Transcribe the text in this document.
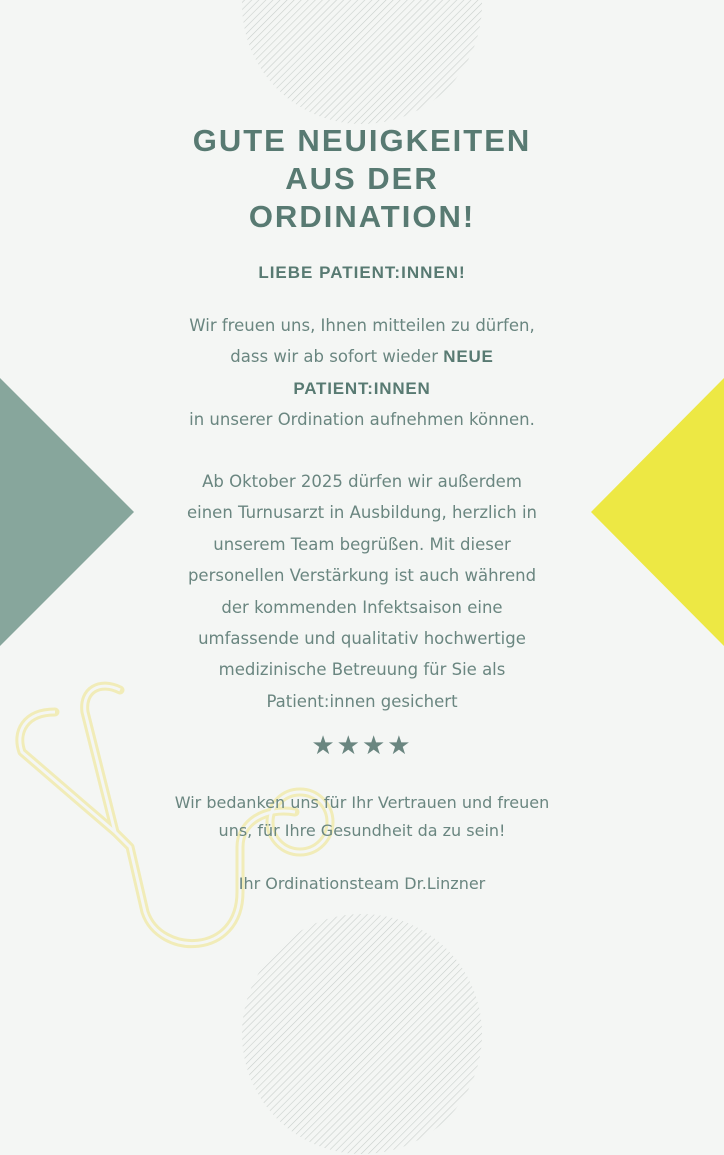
GUTE NEUIGKEITEN
AUS DER
ORDINATION!
LIEBE PATIENT:INNEN!
Wir freuen uns, Ihnen mitteilen zu dürfen,
dass wir ab sofort wieder NEUE
PATIENT:INNEN
in unserer Ordination aufnehmen können.
Ab Oktober 2025 dürfen wir außerdem
einen Turnusarzt in Ausbildung, herzlich in
unserem Team begrüßen. Mit dieser
personellen Verstärkung ist auch während
der kommenden Infektsaison eine
umfassende und qualitativ hochwertige
medizinische Betreuung für Sie als
Patient:innen gesichert
★★★★
Wir bedanken uns für Ihr Vertrauen und freuen
uns, für Ihre Gesundheit da zu sein!
Ihr Ordinationsteam Dr.Linzner
